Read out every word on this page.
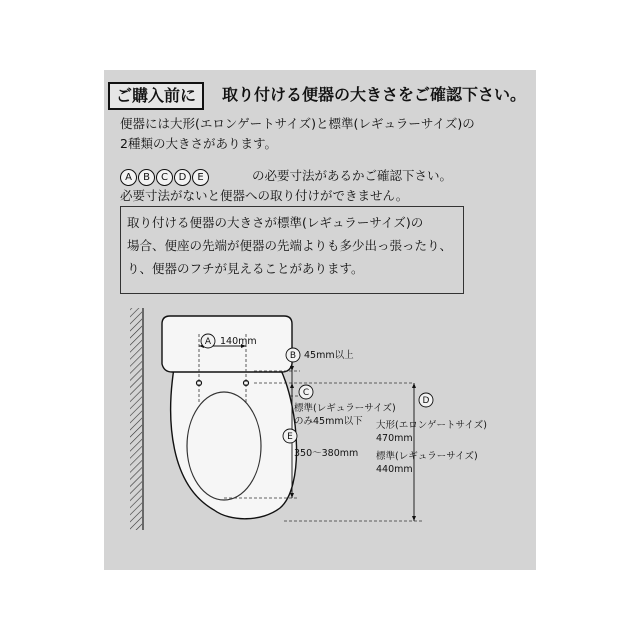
ご購入前に	取り付ける便器の大きさをご確認下さい。
便器には大形(エロンゲートサイズ)と標準(レギュラーサイズ)の
2種類の大きさがあります。
A B C D E	の必要寸法があるかご確認下さい。
必要寸法がないと便器への取り付けができません。
取り付ける便器の大きさが標準(レギュラーサイズ)の
場合、便座の先端が便器の先端よりも多少出っ張ったり、
り、便器のフチが見えることがあります。
A 140mm
B 45mm以上
C
標準(レギュラーサイズ)
のみ45mm以下
E
350〜380mm
D
大形(エロンゲートサイズ)
470mm
標準(レギュラーサイズ)
440mm
